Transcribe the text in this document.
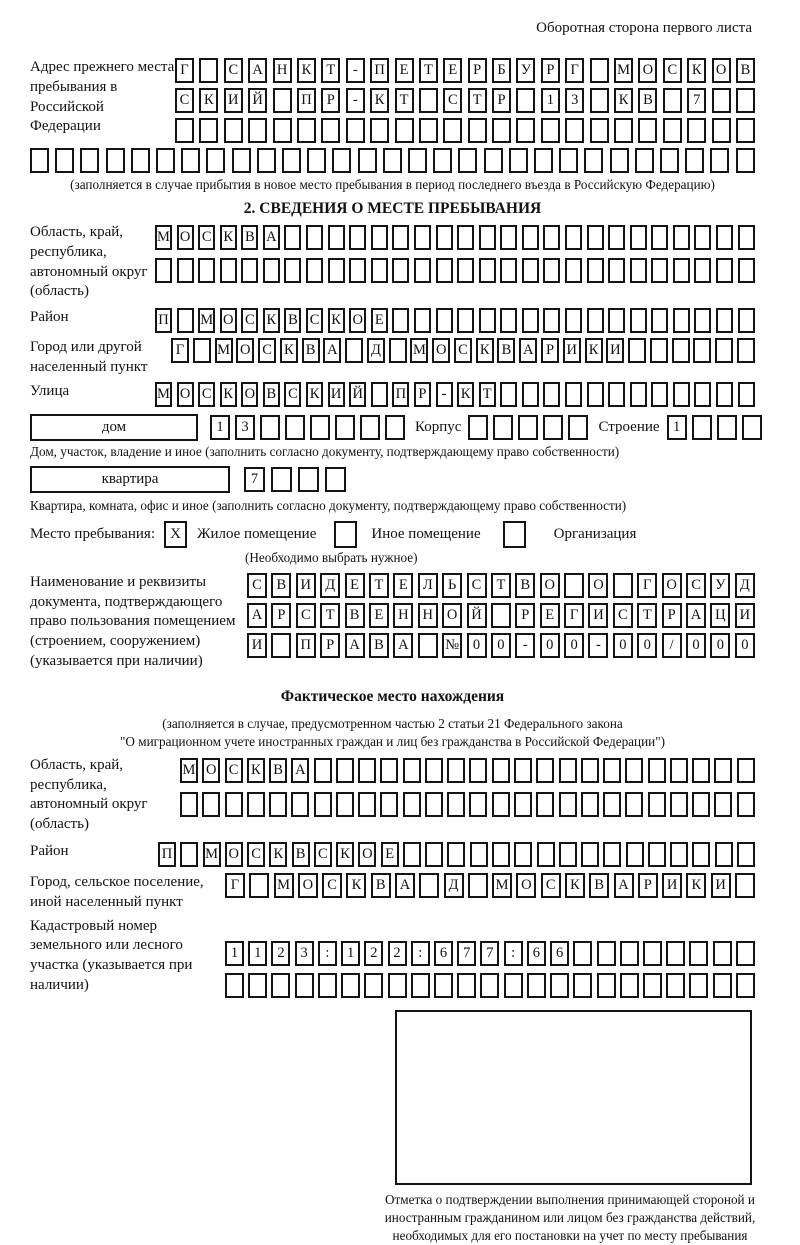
Оборотная сторона первого листа
Адрес прежнего места пребывания в Российской Федерации
Г	С А Н К	Т	-	П	Е	Т	Е	Р	Б	У	Р	Г	М О С	К О В
С	К И Й	П	Р	-	К	Т	С	Т	Р	1	3	К	В	7
(заполняется в случае прибытия в новое место пребывания в период последнего въезда в Российскую Федерацию)
2. СВЕДЕНИЯ О МЕСТЕ ПРЕБЫВАНИЯ
Область, край, республика, автономный округ (область)
М О С К В А
Район	П М О С К В С К О Е
Город или другой населенный пункт
Г	М О С К В А Д М О С К В А Р И К И
Улица	М О С К О В С К И Й П Р	- К Т
дом	1	3	Корпус	Строение 1
Дом, участок, владение и иное (заполнить согласно документу, подтверждающему право собственности)
квартира	7
Квартира, комната, офис и иное (заполнить согласно документу, подтверждающему право собственности)
Место пребывания:	X	Жилое помещение	Иное помещение	Организация
(Необходимо выбрать нужное)
Наименование и реквизиты документа, подтверждающего право пользования помещением (строением, сооружением) (указывается при наличии)
С	В И Д	Е	Т	Е	Л	Ь	С	Т	В О	О	Г	О С У Д
А	Р	С	Т	В	Е	Н Н О Й	Р	Е	Г	И С	Т	Р	А Ц И
И	П	Р	А В А	№ 0	0	-	0	0	-	0	0	/	0	0	0
Фактическое место нахождения
(заполняется в случае, предусмотренном частью 2 статьи 21 Федерального закона
"О миграционном учете иностранных граждан и лиц без гражданства в Российской Федерации")
Область, край, республика, автономный округ (область)
М О С К В А
Район	П М О С К В С К О Е
Город, сельское поселение, иной населенный пункт
Г	М О С	К	В А	Д	М О С	К	В А	Р	И К И
Кадастровый номер земельного или лесного участка (указывается при наличии)
1	1	2	3	:	1	2	2	:	6	7	7	:	6	6
Отметка о подтверждении выполнения принимающей стороной и иностранным гражданином или лицом без гражданства действий, необходимых для его постановки на учет по месту пребывания
